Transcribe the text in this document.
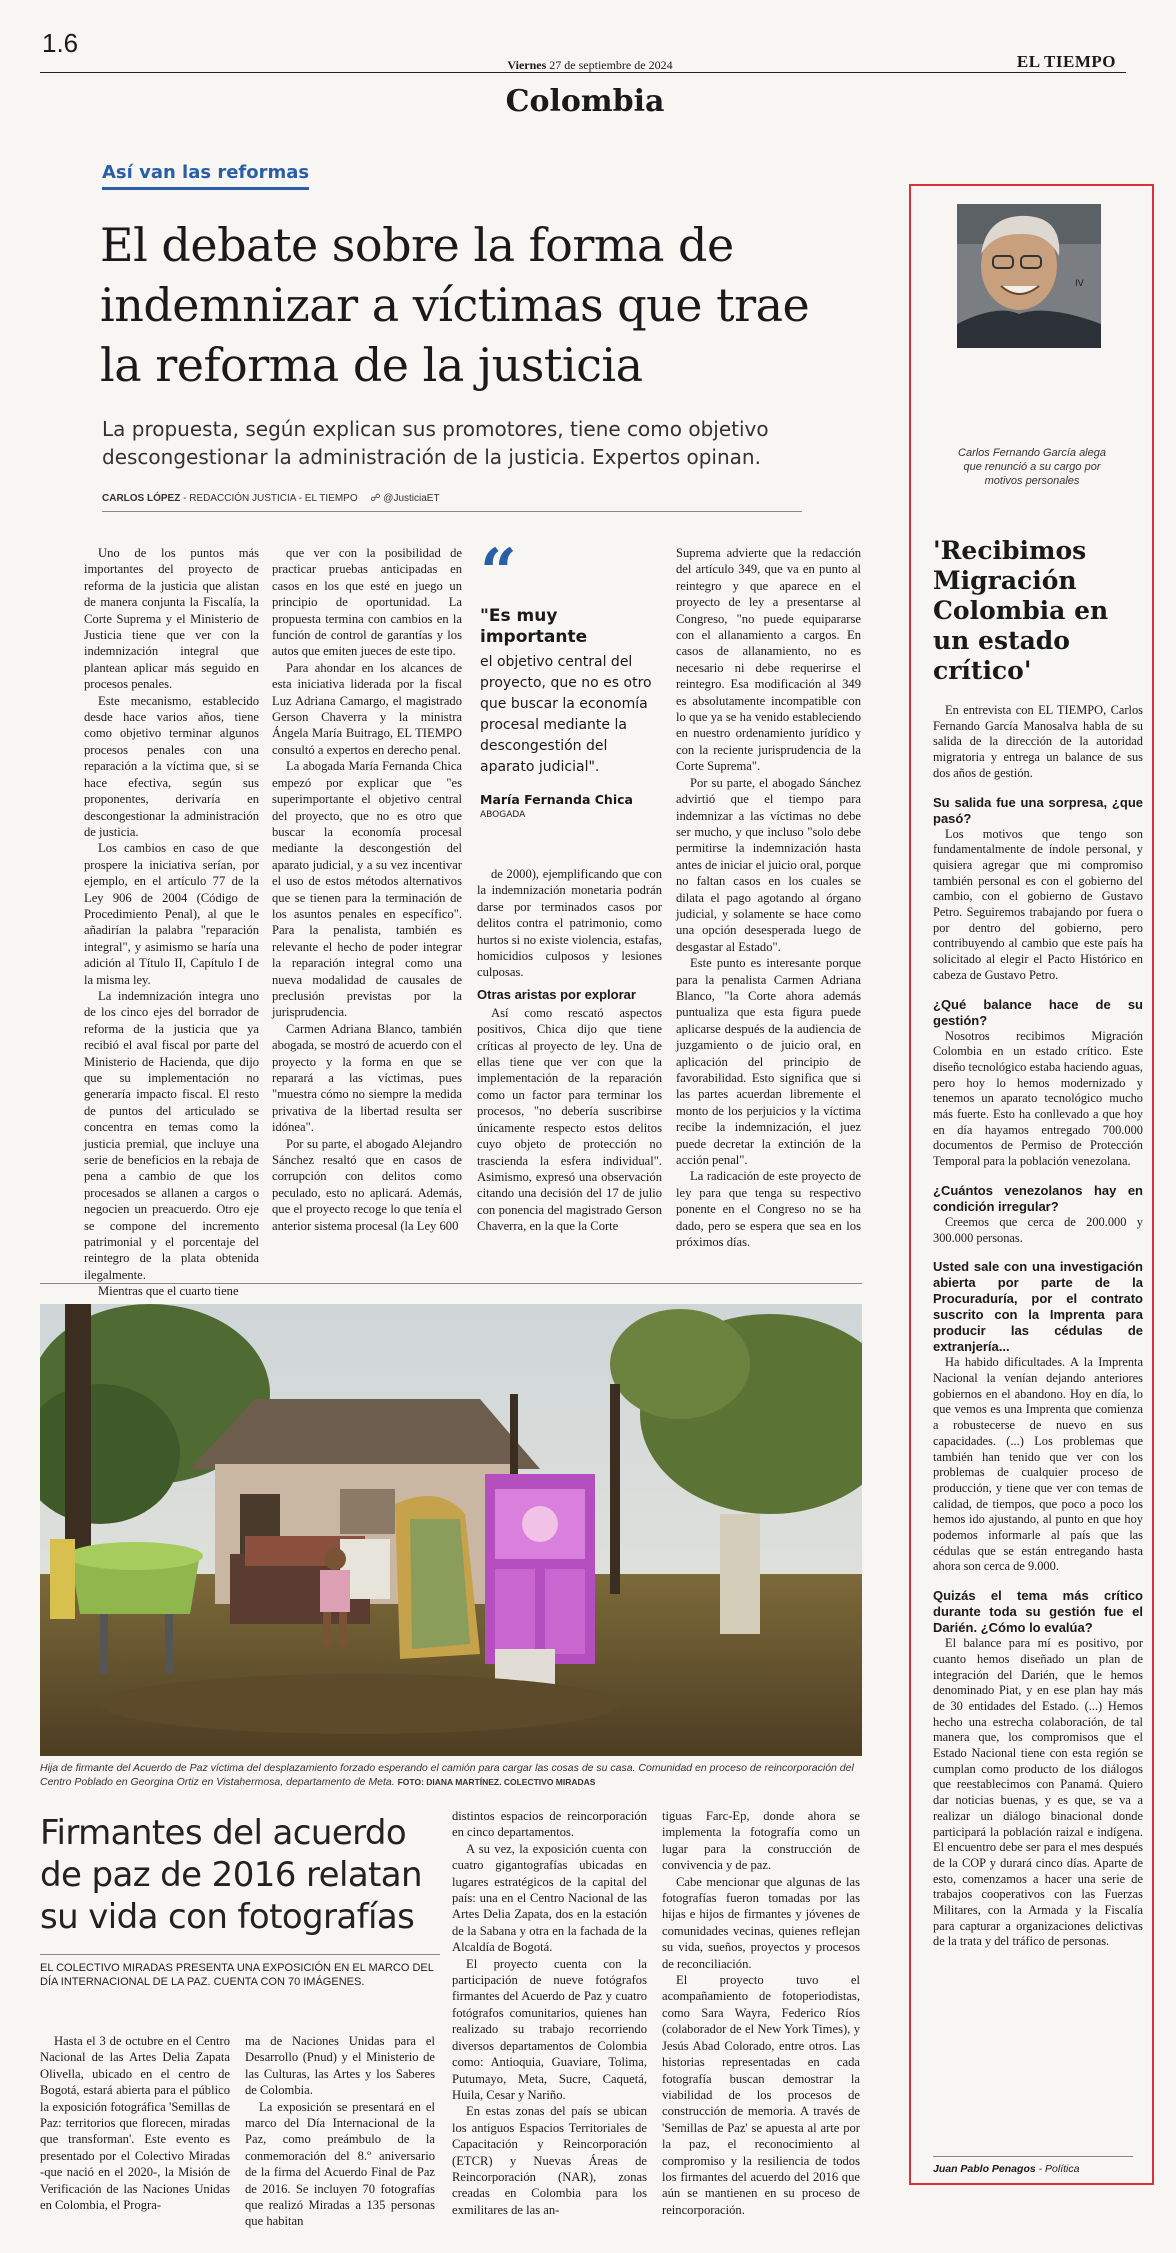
1.6
Viernes 27 de septiembre de 2024	EL TIEMPO
Colombia
Así van las reformas
El debate sobre la forma de indemnizar a víctimas que trae la reforma de la justicia
La propuesta, según explican sus promotores, tiene como objetivo descongestionar la administración de la justicia. Expertos opinan.
CARLOS LÓPEZ - REDACCIÓN JUSTICIA - EL TIEMPO ☍ @JusticiaET

Uno de los puntos más importantes del proyecto de reforma de la justicia que alistan de manera conjunta la Fiscalía, la Corte Suprema y el Ministerio de Justicia tiene que ver con la indemnización integral que plantean aplicar más seguido en procesos penales.

Este mecanismo, establecido desde hace varios años, tiene como objetivo terminar algunos procesos penales con una reparación a la víctima que, si se hace efectiva, según sus proponentes, derivaría en descongestionar la administración de justicia.

Los cambios en caso de que prospere la iniciativa serían, por ejemplo, en el artículo 77 de la Ley 906 de 2004 (Código de Procedimiento Penal), al que le añadirían la palabra "reparación integral", y asimismo se haría una adición al Título II, Capítulo I de la misma ley.

La indemnización integra uno de los cinco ejes del borrador de reforma de la justicia que ya recibió el aval fiscal por parte del Ministerio de Hacienda, que dijo que su implementación no generaría impacto fiscal. El resto de puntos del articulado se concentra en temas como la justicia premial, que incluye una serie de beneficios en la rebaja de pena a cambio de que los procesados se allanen a cargos o negocien un preacuerdo. Otro eje se compone del incremento patrimonial y el porcentaje del reintegro de la plata obtenida ilegalmente.

Mientras que el cuarto tiene

que ver con la posibilidad de practicar pruebas anticipadas en casos en los que esté en juego un principio de oportunidad. La propuesta termina con cambios en la función de control de garantías y los autos que emiten jueces de este tipo.

Para ahondar en los alcances de esta iniciativa liderada por la fiscal Luz Adriana Camargo, el magistrado Gerson Chaverra y la ministra Ángela María Buitrago, EL TIEMPO consultó a expertos en derecho penal.

La abogada María Fernanda Chica empezó por explicar que "es superimportante el objetivo central del proyecto, que no es otro que buscar la economía procesal mediante la descongestión del aparato judicial, y a su vez incentivar el uso de estos métodos alternativos que se tienen para la terminación de los asuntos penales en específico". Para la penalista, también es relevante el hecho de poder integrar la reparación integral como una nueva modalidad de causales de preclusión previstas por la jurisprudencia.

Carmen Adriana Blanco, también abogada, se mostró de acuerdo con el proyecto y la forma en que se reparará a las víctimas, pues "muestra cómo no siempre la medida privativa de la libertad resulta ser idónea".

Por su parte, el abogado Alejandro Sánchez resaltó que en casos de corrupción con delitos como peculado, esto no aplicará. Además, que el proyecto recoge lo que tenía el anterior sistema procesal (la Ley 600

“
"Es muy importante
el objetivo central del proyecto, que no es otro que buscar la economía procesal mediante la descongestión del aparato judicial".
María Fernanda Chica
ABOGADA

de 2000), ejemplificando que con la indemnización monetaria podrán darse por terminados casos por delitos contra el patrimonio, como hurtos si no existe violencia, estafas, homicidios culposos y lesiones culposas.

Otras aristas por explorar

Así como rescató aspectos positivos, Chica dijo que tiene críticas al proyecto de ley. Una de ellas tiene que ver con que la implementación de la reparación como un factor para terminar los procesos, "no debería suscribirse únicamente respecto estos delitos cuyo objeto de protección no trascienda la esfera individual". Asimismo, expresó una observación citando una decisión del 17 de julio con ponencia del magistrado Gerson Chaverra, en la que la Corte

Suprema advierte que la redacción del artículo 349, que va en punto al reintegro y que aparece en el proyecto de ley a presentarse al Congreso, "no puede equipararse con el allanamiento a cargos. En casos de allanamiento, no es necesario ni debe requerirse el reintegro. Esa modificación al 349 es absolutamente incompatible con lo que ya se ha venido estableciendo en nuestro ordenamiento jurídico y con la reciente jurisprudencia de la Corte Suprema".

Por su parte, el abogado Sánchez advirtió que el tiempo para indemnizar a las víctimas no debe ser mucho, y que incluso "solo debe permitirse la indemnización hasta antes de iniciar el juicio oral, porque no faltan casos en los cuales se dilata el pago agotando al órgano judicial, y solamente se hace como una opción desesperada luego de desgastar al Estado".

Este punto es interesante porque para la penalista Carmen Adriana Blanco, "la Corte ahora además puntualiza que esta figura puede aplicarse después de la audiencia de juzgamiento o de juicio oral, en aplicación del principio de favorabilidad. Esto significa que si las partes acuerdan libremente el monto de los perjuicios y la víctima recibe la indemnización, el juez puede decretar la extinción de la acción penal".

La radicación de este proyecto de ley para que tenga su respectivo ponente en el Congreso no se ha dado, pero se espera que sea en los próximos días.

Hija de firmante del Acuerdo de Paz víctima del desplazamiento forzado esperando el camión para cargar las cosas de su casa. Comunidad en proceso de reincorporación del Centro Poblado en Georgina Ortiz en Vistahermosa, departamento de Meta. FOTO: DIANA MARTÍNEZ. COLECTIVO MIRADAS
Firmantes del acuerdo de paz de 2016 relatan su vida con fotografías
EL COLECTIVO MIRADAS PRESENTA UNA EXPOSICIÓN EN EL MARCO DEL DÍA INTERNACIONAL DE LA PAZ. CUENTA CON 70 IMÁGENES.

Hasta el 3 de octubre en el Centro Nacional de las Artes Delia Zapata Olivella, ubicado en el centro de Bogotá, estará abierta para el público la exposición fotográfica 'Semillas de Paz: territorios que florecen, miradas que transforman'. Este evento es presentado por el Colectivo Miradas -que nació en el 2020-, la Misión de Verificación de las Naciones Unidas en Colombia, el Progra-

ma de Naciones Unidas para el Desarrollo (Pnud) y el Ministerio de las Culturas, las Artes y los Saberes de Colombia.

La exposición se presentará en el marco del Día Internacional de la Paz, como preámbulo de la conmemoración del 8.º aniversario de la firma del Acuerdo Final de Paz de 2016. Se incluyen 70 fotografías que realizó Miradas a 135 personas que habitan

distintos espacios de reincorporación en cinco departamentos.

A su vez, la exposición cuenta con cuatro gigantografías ubicadas en lugares estratégicos de la capital del país: una en el Centro Nacional de las Artes Delia Zapata, dos en la estación de la Sabana y otra en la fachada de la Alcaldía de Bogotá.

El proyecto cuenta con la participación de nueve fotógrafos firmantes del Acuerdo de Paz y cuatro fotógrafos comunitarios, quienes han realizado su trabajo recorriendo diversos departamentos de Colombia como: Antioquia, Guaviare, Tolima, Putumayo, Meta, Sucre, Caquetá, Huila, Cesar y Nariño.

En estas zonas del país se ubican los antiguos Espacios Territoriales de Capacitación y Reincorporación (ETCR) y Nuevas Áreas de Reincorporación (NAR), zonas creadas en Colombia para los exmilitares de las an-

tiguas Farc-Ep, donde ahora se implementa la fotografía como un lugar para la construcción de convivencia y de paz.

Cabe mencionar que algunas de las fotografías fueron tomadas por las hijas e hijos de firmantes y jóvenes de comunidades vecinas, quienes reflejan su vida, sueños, proyectos y procesos de reconciliación.

El proyecto tuvo el acompañamiento de fotoperiodistas, como Sara Wayra, Federico Ríos (colaborador de el New York Times), y Jesús Abad Colorado, entre otros. Las historias representadas en cada fotografía buscan demostrar la viabilidad de los procesos de construcción de memoria. A través de 'Semillas de Paz' se apuesta al arte por la paz, el reconocimiento al compromiso y la resiliencia de todos los firmantes del acuerdo del 2016 que aún se mantienen en su proceso de reincorporación.

IV
Carlos Fernando García alega que renunció a su cargo por motivos personales
'Recibimos Migración Colombia en un estado crítico'

En entrevista con EL TIEMPO, Carlos Fernando García Manosalva habla de su salida de la dirección de la autoridad migratoria y entrega un balance de sus dos años de gestión.

Su salida fue una sorpresa, ¿que pasó?

Los motivos que tengo son fundamentalmente de índole personal, y quisiera agregar que mi compromiso también personal es con el gobierno del cambio, con el gobierno de Gustavo Petro. Seguiremos trabajando por fuera o por dentro del gobierno, pero contribuyendo al cambio que este país ha solicitado al elegir el Pacto Histórico en cabeza de Gustavo Petro.

¿Qué balance hace de su gestión?

Nosotros recibimos Migración Colombia en un estado crítico. Este diseño tecnológico estaba haciendo aguas, pero hoy lo hemos modernizado y tenemos un aparato tecnológico mucho más fuerte. Esto ha conllevado a que hoy en día hayamos entregado 700.000 documentos de Permiso de Protección Temporal para la población venezolana.

¿Cuántos venezolanos hay en condición irregular?

Creemos que cerca de 200.000 y 300.000 personas.

Usted sale con una investigación abierta por parte de la Procuraduría, por el contrato suscrito con la Imprenta para producir las cédulas de extranjería...

Ha habido dificultades. A la Imprenta Nacional la venían dejando anteriores gobiernos en el abandono. Hoy en día, lo que vemos es una Imprenta que comienza a robustecerse de nuevo en sus capacidades. (...) Los problemas que también han tenido que ver con los problemas de cualquier proceso de producción, y tiene que ver con temas de calidad, de tiempos, que poco a poco los hemos ido ajustando, al punto en que hoy podemos informarle al país que las cédulas que se están entregando hasta ahora son cerca de 9.000.

Quizás el tema más crítico durante toda su gestión fue el Darién. ¿Cómo lo evalúa?

El balance para mí es positivo, por cuanto hemos diseñado un plan de integración del Darién, que le hemos denominado Piat, y en ese plan hay más de 30 entidades del Estado. (...) Hemos hecho una estrecha colaboración, de tal manera que, los compromisos que el Estado Nacional tiene con esta región se cumplan como producto de los diálogos que reestablecimos con Panamá. Quiero dar noticias buenas, y es que, se va a realizar un diálogo binacional donde participará la población raizal e indígena. El encuentro debe ser para el mes después de la COP y durará cinco días. Aparte de esto, comenzamos a hacer una serie de trabajos cooperativos con las Fuerzas Militares, con la Armada y la Fiscalía para capturar a organizaciones delictivas de la trata y del tráfico de personas.

Juan Pablo Penagos - Política
